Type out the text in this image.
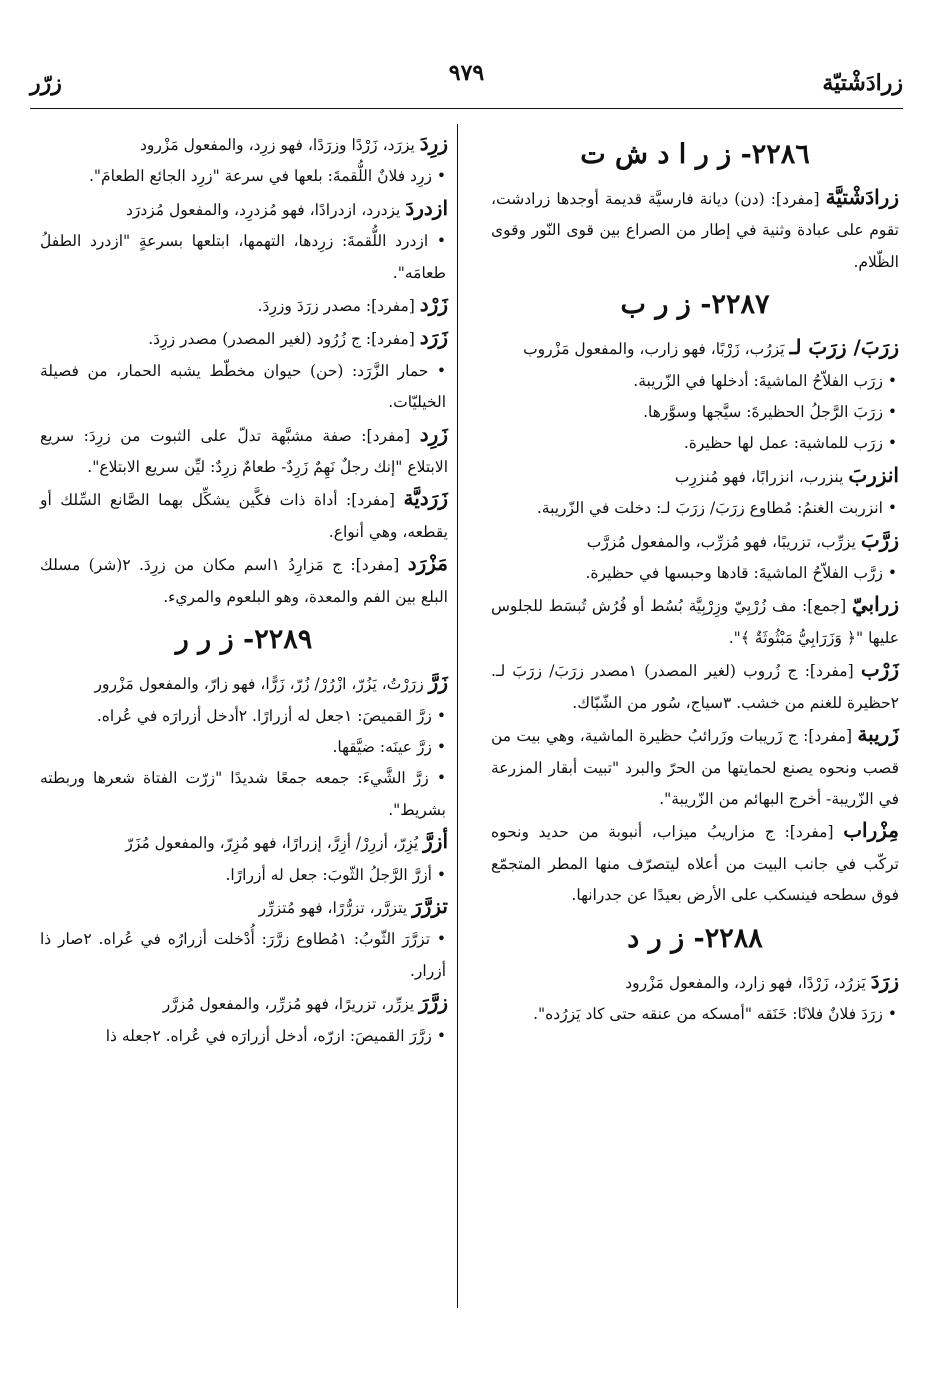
زرادَشْتيّة
٩٧٩
زرّر
٢٢٨٦- ز ر ا د ش ت
زرادَشْتيَّة [مفرد]: (دن) ديانة فارسيَّة قديمة أوجدها زرادشت، تقوم على عبادة وثنية في إطار من الصراع بين قوى النّور وقوى الظّلام.
٢٢٨٧- ز ر ب
زرَبَ/ زرَبَ لـ يَزرُب، زَرْبًا، فهو زارب، والمفعول مَزْروب
• زرَب الفلاّحُ الماشيةَ: أدخلها في الزّريبة.
• زرَبَ الرَّجلُ الحظيرةَ: سيَّجها وسوَّرها.
• زرَب للماشية: عمل لها حظيرة.
انزربَ ينزرب، انزرابًا، فهو مُنزرِب
• انزربت الغنمُ: مُطاوع زرَبَ/ زرَبَ لـ: دخلت في الزّريبة.
زرَّبَ يزرِّب، تزريبًا، فهو مُزرِّب، والمفعول مُزرَّب
• زرَّب الفلاّحُ الماشيةَ: قادها وحبسها في حظيرة.
زرابيّ [جمع]: مف زُرْبِيّ وزِرْبِيَّة بُسُط أو فُرُش تُبسَط للجلوس عليها "﴿ وَزَرَابِيُّ مَبْثُوثَةٌ ﴾".
زَرْب [مفرد]: ج زُروب (لغير المصدر) ١مصدر زرَبَ/ زرَبَ لـ. ٢حظيرة للغنم من خشب. ٣سياج، سُور من الشّبّاك.
زَريبة [مفرد]: ج زَريبات وزَرائبُ حظيرة الماشية، وهي بيت من قصب ونحوه يصنع لحمايتها من الحرّ والبرد "تبيت أبقار المزرعة في الزّريبة- أخرج البهائم من الزّريبة".
مِزْراب [مفرد]: ج مزاريبُ ميزاب، أنبوبة من حديد ونحوه تركّب في جانب البيت من أعلاه ليتصرّف منها المطر المتجمّع فوق سطحه فينسكب على الأرض بعيدًا عن جدرانها.
٢٢٨٨- ز ر د
زرَدَ يَزرُد، زَرْدًا، فهو زارد، والمفعول مَزْرود
• زرَدَ فلانٌ فلانًا: خَنَقه "أمسكه من عنقه حتى كاد يَزرُده".
زرِدَ يزرَد، زَرْدًا وزرَدًا، فهو زرِد، والمفعول مَزْرود
• زرِد فلانٌ اللُّقمةَ: بلعها في سرعة "زرِد الجائع الطعامَ".
ازدردَ يزدرد، ازدرادًا، فهو مُزدرِد، والمفعول مُزدرَد
• ازدرد اللُّقمةَ: زرِدها، التهمها، ابتلعها بسرعةٍ "ازدرد الطفلُ طعامَه".
زَرْد [مفرد]: مصدر زرَدَ وزرِدَ.
زَرَد [مفرد]: ج زُرُود (لغير المصدر) مصدر زرِدَ.
• حمار الزَّرَد: (حن) حيوان مخطّط يشبه الحمار، من فصيلة الخيليّات.
زَرِد [مفرد]: صفة مشبَّهة تدلّ على الثبوت من زرِدَ: سريع الابتلاع "إنك رجلٌ نَهِمٌ زَرِدٌ- طعامٌ زرِدٌ: ليِّن سريع الابتلاع".
زَرَديَّة [مفرد]: أداة ذات فكَّين يشكِّل بهما الصَّانع السِّلك أو يقطعه، وهي أنواع.
مَزْرَد [مفرد]: ج مَزارِدُ ١اسم مكان من زرِدَ. ٢(شر) مسلك البلع بين الفم والمعدة، وهو البلعوم والمريء.
٢٢٨٩- ز ر ر
زَرَّ زرَرْتُ، يَزُرّ، ازْرُرْ/ زُرّ، زَرًّا، فهو زارّ، والمفعول مَزْرور
• زرَّ القميصَ: ١جعل له أزرارًا. ٢أدخل أزرارَه في عُراه.
• زرَّ عينَه: ضيَّقها.
• زرَّ الشَّيءَ: جمعه جمعًا شديدًا "زرّت الفتاة شعرها وربطته بشريط".
أزرَّ يُزِرّ، أزرِرْ/ أزِرَّ، إزرارًا، فهو مُزِرّ، والمفعول مُزَرّ
• أزرَّ الرَّجلُ الثّوبَ: جعل له أزرارًا.
تزرَّرَ يتزرَّر، تزرُّرًا، فهو مُتزرِّر
• تزرَّرَ الثّوبُ: ١مُطاوع زرَّرَ: أُدْخلت أزرارُه في عُراه. ٢صار ذا أزرار.
زرَّرَ يزرِّر، تزريرًا، فهو مُزرِّر، والمفعول مُزرَّر
• زرَّرَ القميصَ: ازرّه، أدخل أزرارَه في عُراه. ٢جعله ذا
